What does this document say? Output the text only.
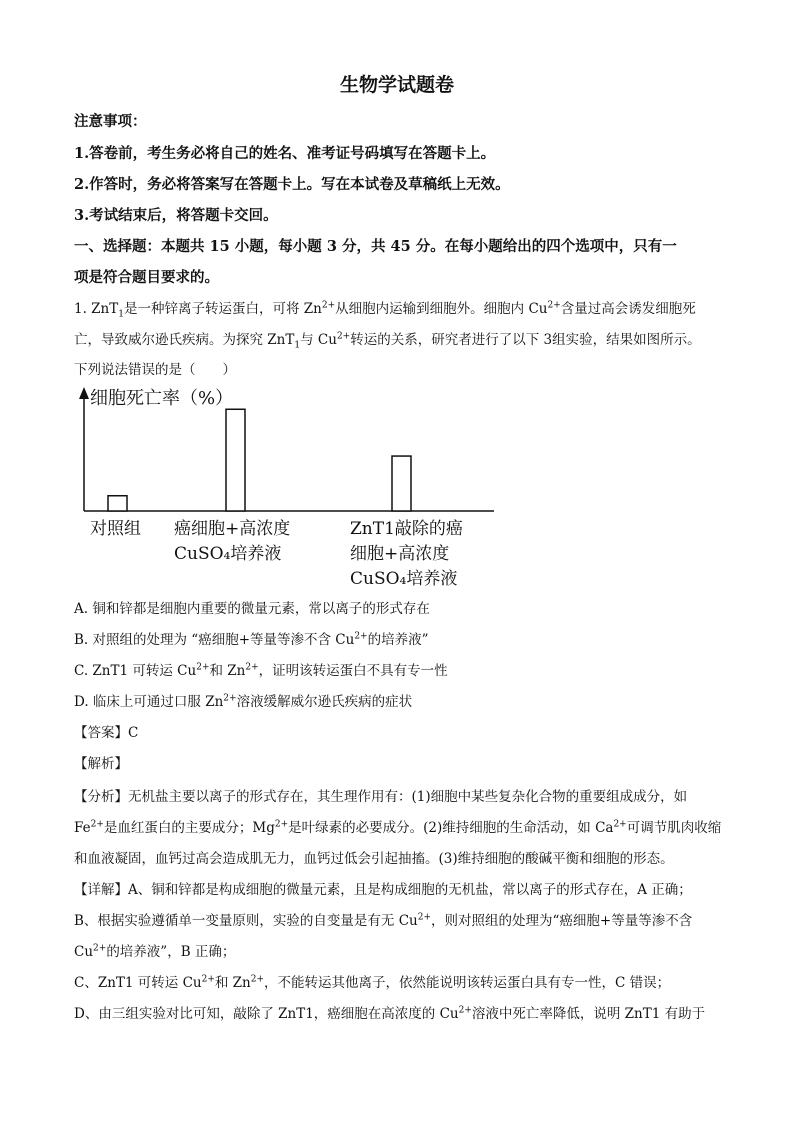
生物学试题卷
注意事项：
1.答卷前，考生务必将自己的姓名、准考证号码填写在答题卡上。
2.作答时，务必将答案写在答题卡上。写在本试卷及草稿纸上无效。
3.考试结束后，将答题卡交回。
一、选择题：本题共 15 小题，每小题 3 分，共 45 分。在每小题给出的四个选项中，只有一
项是符合题目要求的。
1. ZnT$_1$是一种锌离子转运蛋白，可将 $Zn^{2+}$从细胞内运输到细胞外。细胞内 $Cu^{2+}$含量过高会诱发细胞死
亡，导致威尔逊氏疾病。为探究 ZnT$_1$与 $Cu^{2+}$转运的关系，研究者进行了以下 3组实验，结果如图所示。
下列说法错误的是（　　）
细胞死亡率（%）
对照组 癌细胞+高浓度
CuSO₄培养液
ZnT1敲除的癌
细胞+高浓度
CuSO₄培养液
A. 铜和锌都是细胞内重要的微量元素，常以离子的形式存在
B. 对照组的处理为 “癌细胞+等量等渗不含 $Cu^{2+}$的培养液”
C. ZnT1 可转运 $Cu^{2+}$和 $Zn^{2+}$，证明该转运蛋白不具有专一性
D. 临床上可通过口服 $Zn^{2+}$溶液缓解威尔逊氏疾病的症状
【答案】C
【解析】
【分析】无机盐主要以离子的形式存在，其生理作用有：(1)细胞中某些复杂化合物的重要组成成分，如
$Fe^{2+}$是血红蛋白的主要成分；$Mg^{2+}$是叶绿素的必要成分。(2)维持细胞的生命活动，如 $Ca^{2+}$可调节肌肉收缩
和血液凝固，血钙过高会造成肌无力，血钙过低会引起抽搐。(3)维持细胞的酸碱平衡和细胞的形态。
【详解】A、铜和锌都是构成细胞的微量元素，且是构成细胞的无机盐，常以离子的形式存在，A 正确；
B、根据实验遵循单一变量原则，实验的自变量是有无 $Cu^{2+}$，则对照组的处理为“癌细胞+等量等渗不含
$Cu^{2+}$的培养液”，B 正确；
C、ZnT1 可转运 $Cu^{2+}$和 $Zn^{2+}$，不能转运其他离子，依然能说明该转运蛋白具有专一性，C 错误；
D、由三组实验对比可知，敲除了 ZnT1，癌细胞在高浓度的 $Cu^{2+}$溶液中死亡率降低，说明 ZnT1 有助于
